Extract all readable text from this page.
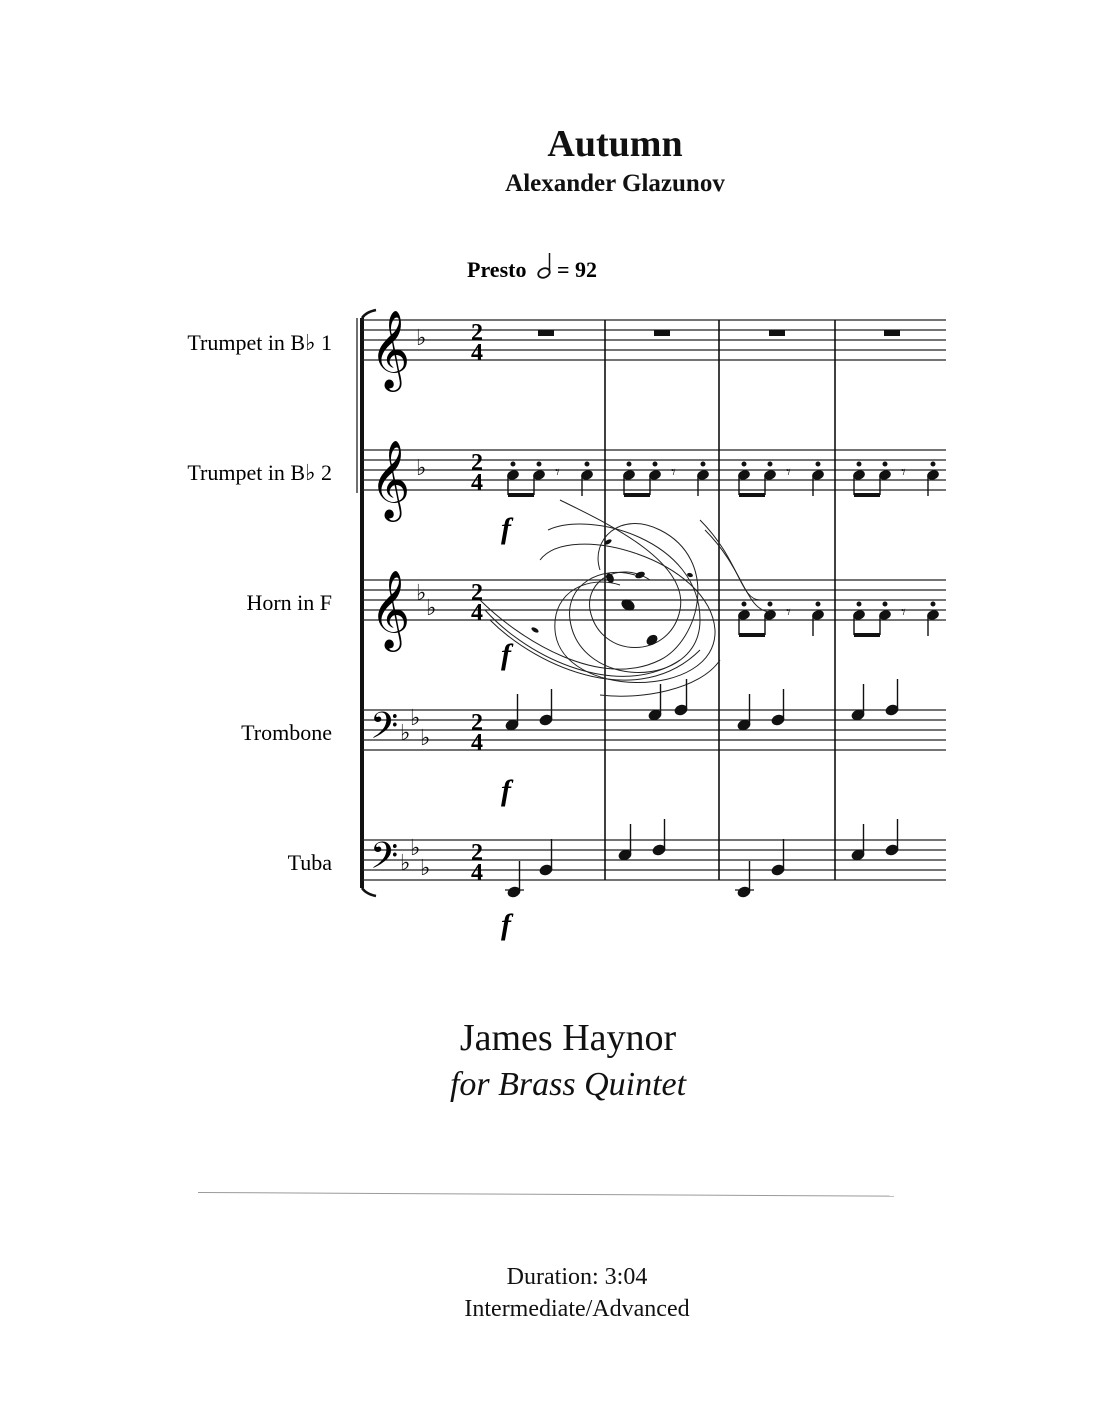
Autumn
Alexander Glazunov
Presto = 92
Trumpet in B♭ 1
Trumpet in B♭ 2
Horn in F
Trombone
Tuba
𝄞
𝄞
𝄞
𝄢
𝄢
♭
♭
♭
♭
♭
♭
♭
♭
♭
♭
2
4
2
4
2
4
2
4
2
4
𝄾	𝄾	𝄾	𝄾
𝄾	𝄾
f
f
f
f
James Haynor
for Brass Quintet
Duration: 3:04
Intermediate/Advanced
